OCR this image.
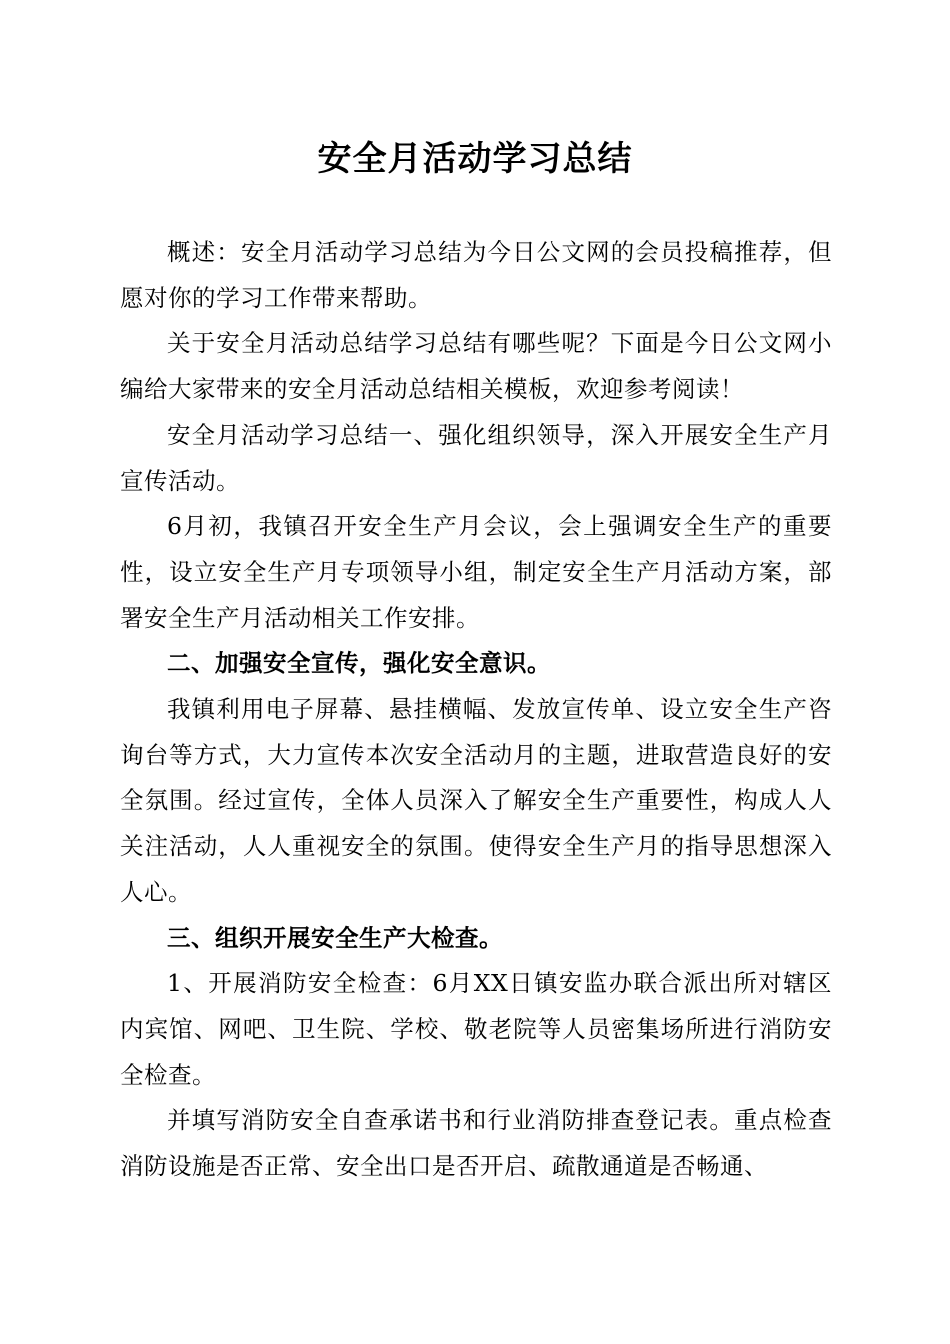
安全月活动学习总结

概述：安全月活动学习总结为今日公文网的会员投稿推荐，但愿对你的学习工作带来帮助。

关于安全月活动总结学习总结有哪些呢？下面是今日公文网小编给大家带来的安全月活动总结相关模板，欢迎参考阅读！

安全月活动学习总结一、强化组织领导，深入开展安全生产月宣传活动。

6月初，我镇召开安全生产月会议，会上强调安全生产的重要性，设立安全生产月专项领导小组，制定安全生产月活动方案，部署安全生产月活动相关工作安排。

二、加强安全宣传，强化安全意识。

我镇利用电子屏幕、悬挂横幅、发放宣传单、设立安全生产咨询台等方式，大力宣传本次安全活动月的主题，进取营造良好的安全氛围。经过宣传，全体人员深入了解安全生产重要性，构成人人关注活动，人人重视安全的氛围。使得安全生产月的指导思想深入人心。

三、组织开展安全生产大检查。

1、开展消防安全检查：6月XX日镇安监办联合派出所对辖区内宾馆、网吧、卫生院、学校、敬老院等人员密集场所进行消防安全检查。

并填写消防安全自查承诺书和行业消防排查登记表。重点检查消防设施是否正常、安全出口是否开启、疏散通道是否畅通、
